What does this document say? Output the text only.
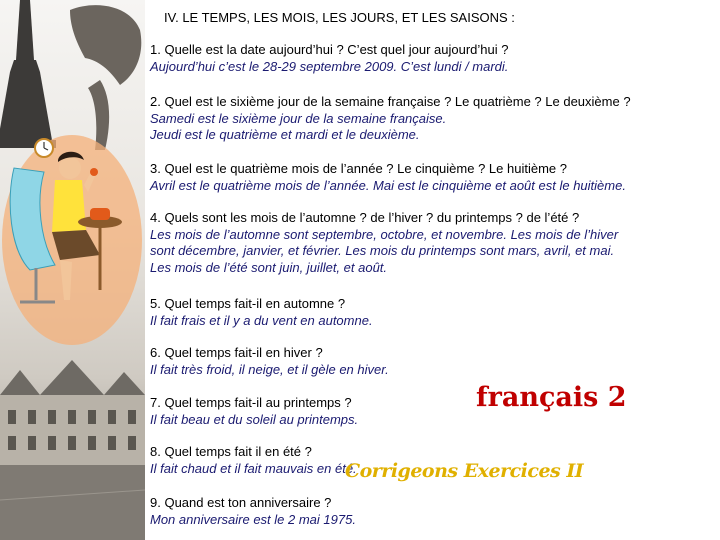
IV. LE TEMPS, LES MOIS, LES JOURS, ET LES SAISONS :
1. Quelle est la date aujourd’hui ? C’est quel jour aujourd’hui ?
Aujourd’hui c’est le 28-29 septembre 2009. C’est lundi / mardi.
2. Quel est le sixième jour de la semaine française ? Le quatrième ? Le deuxième ?
Samedi est le sixième jour de la semaine française.
Jeudi est le quatrième et mardi et le deuxième.
3. Quel est le quatrième mois de l’année ? Le cinquième ? Le huitième ?
Avril est le quatrième mois de l’année. Mai est le cinquième et août est le huitième.
4. Quels sont les mois de l’automne ? de l’hiver ? du printemps ? de l’été ?
Les mois de l’automne sont septembre, octobre, et novembre. Les mois de l’hiver
sont décembre, janvier, et février. Les mois du printemps sont mars, avril, et mai.
Les mois de l’été sont juin, juillet, et août.
5. Quel temps fait-il en automne ?
Il fait frais et il y a du vent en automne.
6. Quel temps fait-il en hiver ?
Il fait très froid, il neige, et il gèle en hiver.
7. Quel temps fait-il au printemps ?
Il fait beau et du soleil au printemps.
8. Quel temps fait il en été ?
Il fait chaud et il fait mauvais en été.
9. Quand est ton anniversaire ?
Mon anniversaire est le 2 mai 1975.
français 2
Corrigeons Exercices II
